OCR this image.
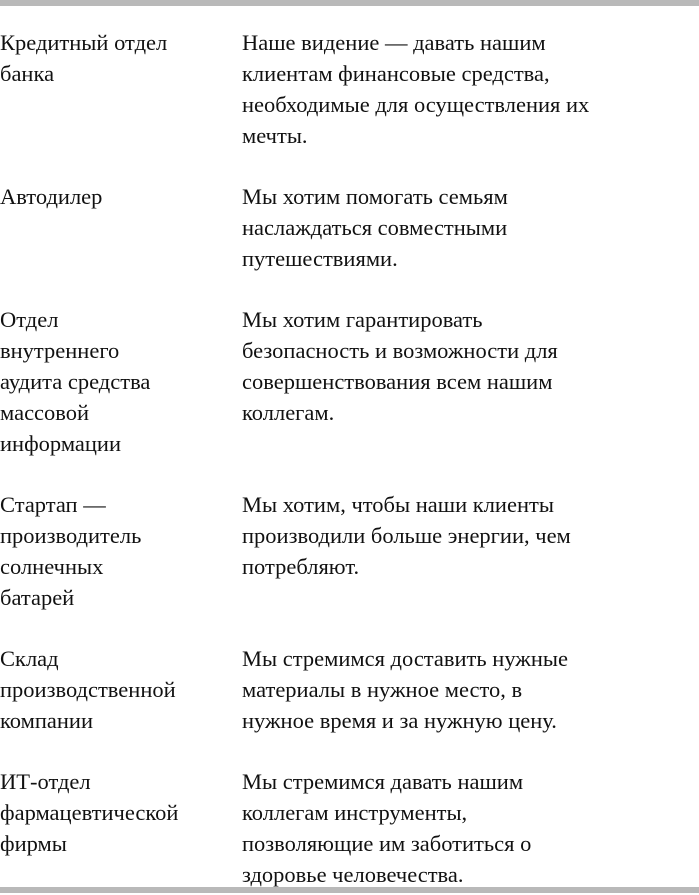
Кредитный отдел
банка
Наше видение — давать нашим
клиентам финансовые средства,
необходимые для осуществления их
мечты.
Автодилер	Мы хотим помогать семьям
наслаждаться совместными
путешествиями.
Отдел
внутреннего
аудита средства
массовой
информации
Мы хотим гарантировать
безопасность и возможности для
совершенствования всем нашим
коллегам.
Стартап —
производитель
солнечных
батарей
Мы хотим, чтобы наши клиенты
производили больше энергии, чем
потребляют.
Склад
производственной
компании
Мы стремимся доставить нужные
материалы в нужное место, в
нужное время и за нужную цену.
ИТ-отдел
фармацевтической
фирмы
Мы стремимся давать нашим
коллегам инструменты,
позволяющие им заботиться о
здоровье человечества.
